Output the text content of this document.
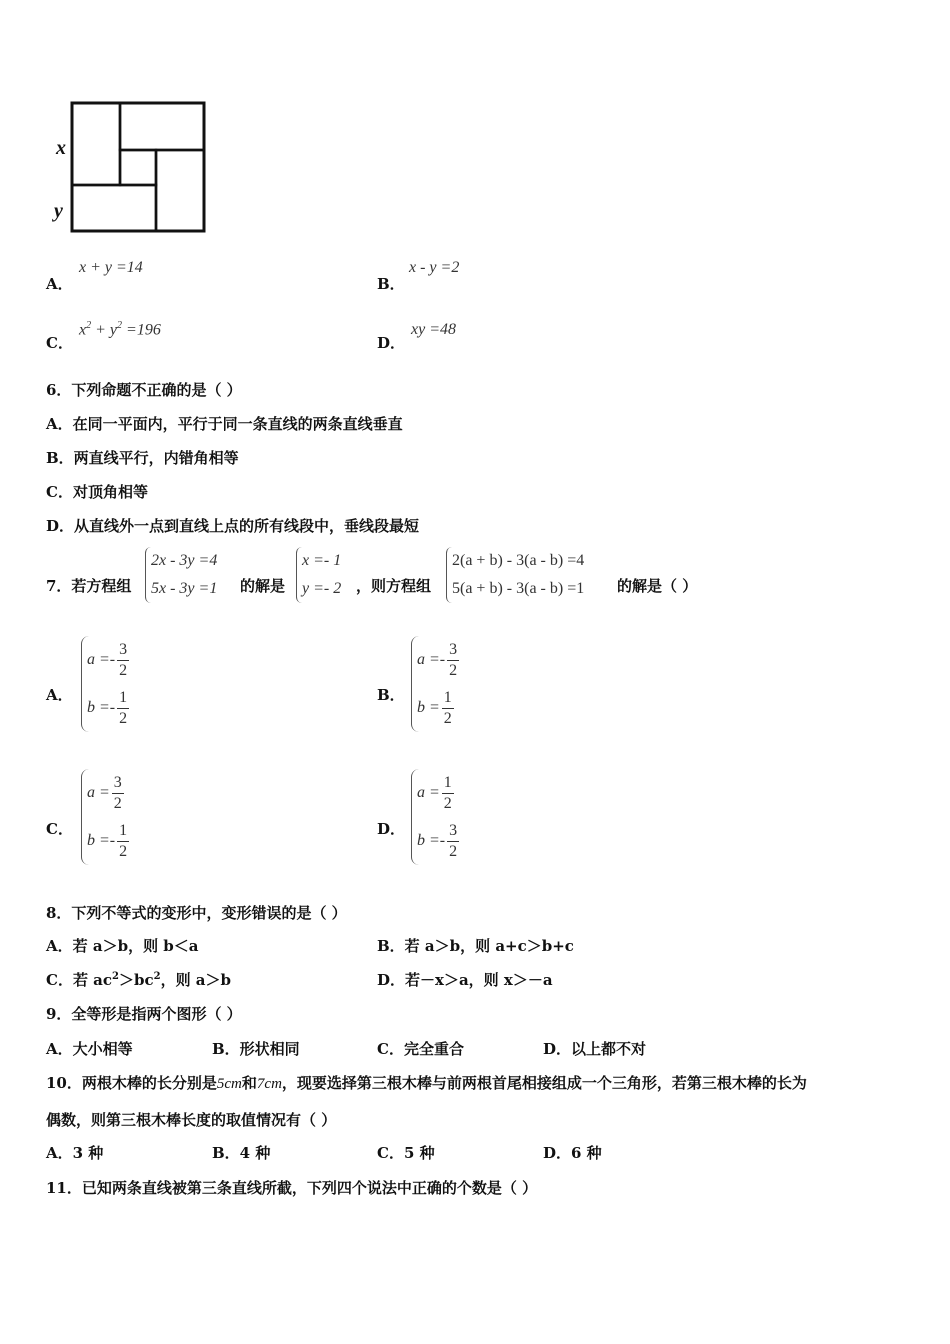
x
y
A．
x + y =14
B．
x - y =2
C．
$x^2 + y^2 =196$
D．
xy =48
6．下列命题不正确的是（ ）
A．在同一平面内，平行于同一条直线的两条直线垂直
B．两直线平行，内错角相等
C．对顶角相等
D．从直线外一点到直线上点的所有线段中，垂线段最短
7．若方程组
2x - 3y =4
5x - 3y =1 的解是
x =- 1
y =- 2 ，则方程组
2(a + b) - 3(a - b) =4
5(a + b) - 3(a - b) =1 的解是（ ）
A．
$a =- \frac{3}{2}$
$b =- \frac{1}{2}$	B．
$a =- \frac{3}{2}$
$b = \frac{1}{2}$
C．
$a = \frac{3}{2}$
$b =- \frac{1}{2}$	D．
$a = \frac{1}{2}$
$b =- \frac{3}{2}$
8．下列不等式的变形中，变形错误的是（ ）
A．若 a＞b，则 b＜a	B．若 a＞b，则 a+c＞b+c
C．若 $ac^2>bc^2$，则 a＞b	D．若－x＞a，则 x＞－a
9．全等形是指两个图形（ ）
A．大小相等	B．形状相同	C．完全重合	D．以上都不对
10．两根木棒的长分别是5cm和7cm，现要选择第三根木棒与前两根首尾相接组成一个三角形，若第三根木棒的长为
偶数，则第三根木棒长度的取值情况有（ ）
A．3 种	B．4 种	C．5 种	D．6 种
11．已知两条直线被第三条直线所截，下列四个说法中正确的个数是（ ）
